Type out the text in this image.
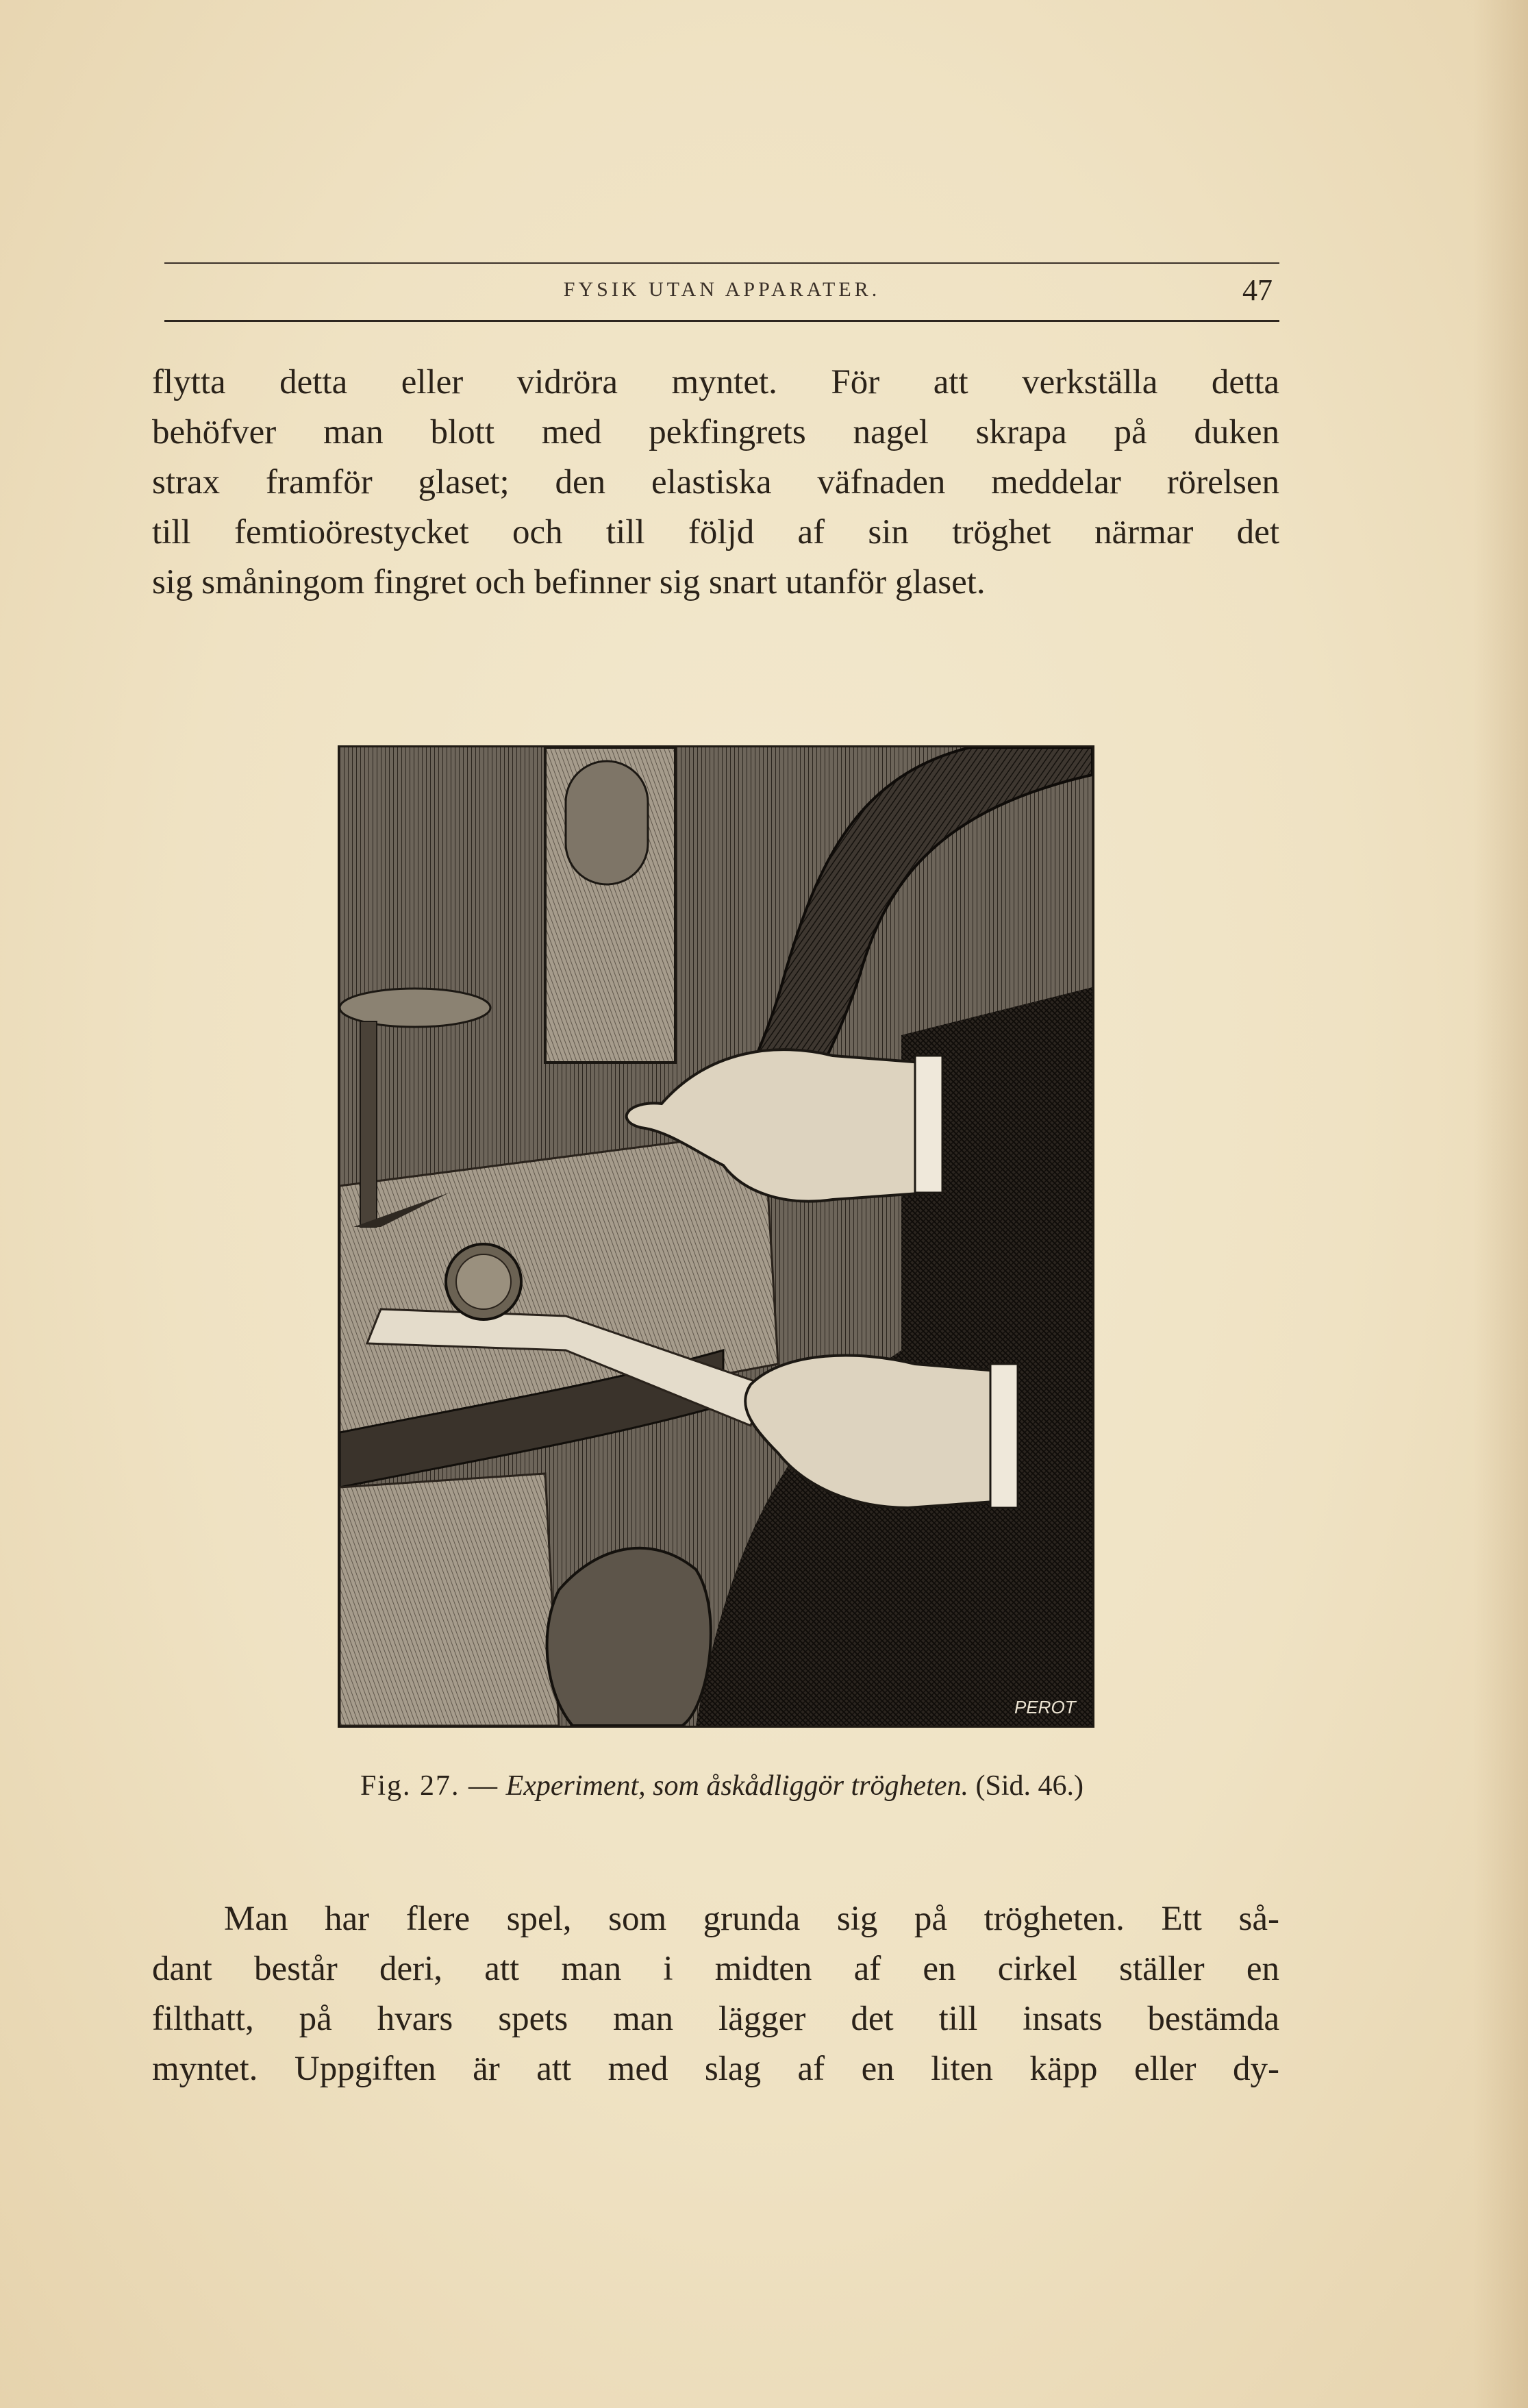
FYSIK UTAN APPARATER.	47
flytta detta eller vidröra myntet. För att verkställa detta
behöfver man blott med pekfingrets nagel skrapa på duken
strax framför glaset; den elastiska väfnaden meddelar rörelsen
till femtioörestycket och till följd af sin tröghet närmar det
sig småningom fingret och befinner sig snart utanför glaset.
PEROT
Fig. 27. — Experiment, som åskådliggör trögheten. (Sid. 46.)
Man har flere spel, som grunda sig på trögheten. Ett så-
dant består deri, att man i midten af en cirkel ställer en
filthatt, på hvars spets man lägger det till insats bestämda
myntet. Uppgiften är att med slag af en liten käpp eller dy-
